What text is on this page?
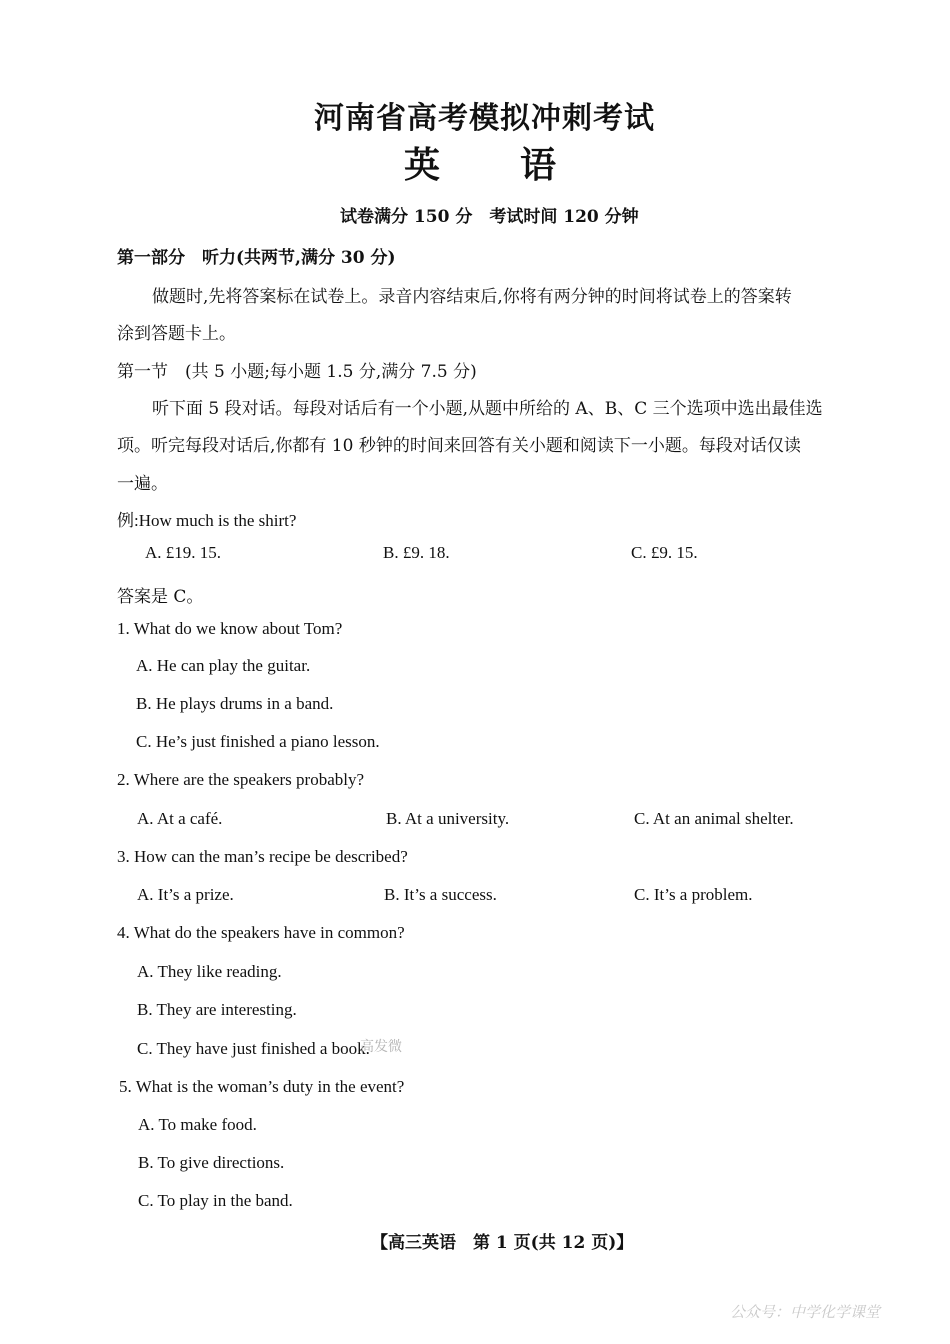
河南省高考模拟冲刺考试
英 语
试卷满分 150 分　考试时间 120 分钟
第一部分　听力(共两节,满分 30 分)
做题时,先将答案标在试卷上。录音内容结束后,你将有两分钟的时间将试卷上的答案转
涂到答题卡上。
第一节　(共 5 小题;每小题 1.5 分,满分 7.5 分)
听下面 5 段对话。每段对话后有一个小题,从题中所给的 A、B、C 三个选项中选出最佳选
项。听完每段对话后,你都有 10 秒钟的时间来回答有关小题和阅读下一小题。每段对话仅读
一遍。
例:How much is the shirt?
A. £19. 15.	B. £9. 18.	C. £9. 15.
答案是 C。
1. What do we know about Tom?
A. He can play the guitar.
B. He plays drums in a band.
C. He’s just finished a piano lesson.
2. Where are the speakers probably?
A. At a café.	B. At a university.	C. At an animal shelter.
3. How can the man’s recipe be described?
A. It’s a prize.	B. It’s a success.	C. It’s a problem.
4. What do the speakers have in common?
A. They like reading.
B. They are interesting.
C. They have just finished a book.
高发微
5. What is the woman’s duty in the event?
A. To make food.
B. To give directions.
C. To play in the band.
【高三英语　第 1 页(共 12 页)】
公众号：中学化学课堂
